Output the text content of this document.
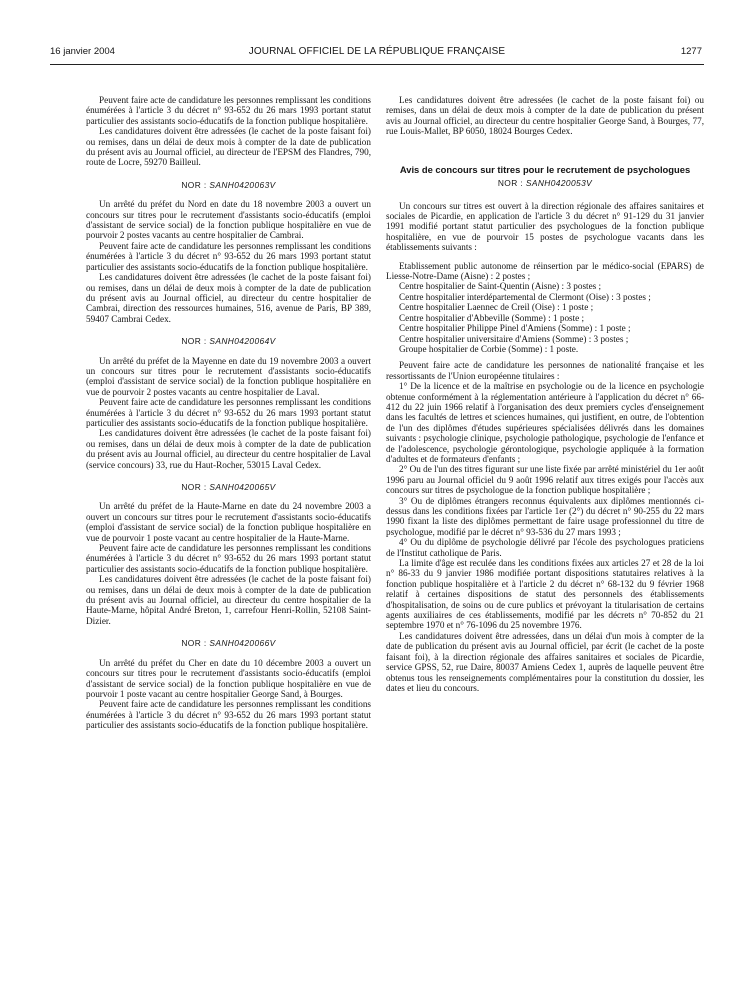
16 janvier 2004	JOURNAL OFFICIEL DE LA RÉPUBLIQUE FRANÇAISE	1277

Peuvent faire acte de candidature les personnes remplissant les conditions énumérées à l'article 3 du décret n° 93-652 du 26 mars 1993 portant statut particulier des assistants socio-éducatifs de la fonction publique hospitalière.

Les candidatures doivent être adressées (le cachet de la poste faisant foi) ou remises, dans un délai de deux mois à compter de la date de publication du présent avis au Journal officiel, au directeur de l'EPSM des Flandres, 790, route de Locre, 59270 Bailleul.

NOR : SANH0420063V

Un arrêté du préfet du Nord en date du 18 novembre 2003 a ouvert un concours sur titres pour le recrutement d'assistants socio-éducatifs (emploi d'assistant de service social) de la fonction publique hospitalière en vue de pourvoir 2 postes vacants au centre hospitalier de Cambrai.

Peuvent faire acte de candidature les personnes remplissant les conditions énumérées à l'article 3 du décret n° 93-652 du 26 mars 1993 portant statut particulier des assistants socio-éducatifs de la fonction publique hospitalière.

Les candidatures doivent être adressées (le cachet de la poste faisant foi) ou remises, dans un délai de deux mois à compter de la date de publication du présent avis au Journal officiel, au directeur du centre hospitalier de Cambrai, direction des ressources humaines, 516, avenue de Paris, BP 389, 59407 Cambrai Cedex.

NOR : SANH0420064V

Un arrêté du préfet de la Mayenne en date du 19 novembre 2003 a ouvert un concours sur titres pour le recrutement d'assistants socio-éducatifs (emploi d'assistant de service social) de la fonction publique hospitalière en vue de pourvoir 2 postes vacants au centre hospitalier de Laval.

Peuvent faire acte de candidature les personnes remplissant les conditions énumérées à l'article 3 du décret n° 93-652 du 26 mars 1993 portant statut particulier des assistants socio-éducatifs de la fonction publique hospitalière.

Les candidatures doivent être adressées (le cachet de la poste faisant foi) ou remises, dans un délai de deux mois à compter de la date de publication du présent avis au Journal officiel, au directeur du centre hospitalier de Laval (service concours) 33, rue du Haut-Rocher, 53015 Laval Cedex.

NOR : SANH0420065V

Un arrêté du préfet de la Haute-Marne en date du 24 novembre 2003 a ouvert un concours sur titres pour le recrutement d'assistants socio-éducatifs (emploi d'assistant de service social) de la fonction publique hospitalière en vue de pourvoir 1 poste vacant au centre hospitalier de la Haute-Marne.

Peuvent faire acte de candidature les personnes remplissant les conditions énumérées à l'article 3 du décret n° 93-652 du 26 mars 1993 portant statut particulier des assistants socio-éducatifs de la fonction publique hospitalière.

Les candidatures doivent être adressées (le cachet de la poste faisant foi) ou remises, dans un délai de deux mois à compter de la date de publication du présent avis au Journal officiel, au directeur du centre hospitalier de la Haute-Marne, hôpital André Breton, 1, carrefour Henri-Rollin, 52108 Saint-Dizier.

NOR : SANH0420066V

Un arrêté du préfet du Cher en date du 10 décembre 2003 a ouvert un concours sur titres pour le recrutement d'assistants socio-éducatifs (emploi d'assistant de service social) de la fonction publique hospitalière en vue de pourvoir 1 poste vacant au centre hospitalier George Sand, à Bourges.

Peuvent faire acte de candidature les personnes remplissant les conditions énumérées à l'article 3 du décret n° 93-652 du 26 mars 1993 portant statut particulier des assistants socio-éducatifs de la fonction publique hospitalière.

Les candidatures doivent être adressées (le cachet de la poste faisant foi) ou remises, dans un délai de deux mois à compter de la date de publication du présent avis au Journal officiel, au directeur du centre hospitalier George Sand, à Bourges, 77, rue Louis-Mallet, BP 6050, 18024 Bourges Cedex.

Avis de concours sur titres pour le recrutement de psychologues
NOR : SANH0420053V

Un concours sur titres est ouvert à la direction régionale des affaires sanitaires et sociales de Picardie, en application de l'article 3 du décret n° 91-129 du 31 janvier 1991 modifié portant statut particulier des psychologues de la fonction publique hospitalière, en vue de pourvoir 15 postes de psychologue vacants dans les établissements suivants :

Etablissement public autonome de réinsertion par le médico-social (EPARS) de Liesse-Notre-Dame (Aisne) : 2 postes ;

Centre hospitalier de Saint-Quentin (Aisne) : 3 postes ;

Centre hospitalier interdépartemental de Clermont (Oise) : 3 postes ;

Centre hospitalier Laennec de Creil (Oise) : 1 poste ;

Centre hospitalier d'Abbeville (Somme) : 1 poste ;

Centre hospitalier Philippe Pinel d'Amiens (Somme) : 1 poste ;

Centre hospitalier universitaire d'Amiens (Somme) : 3 postes ;

Groupe hospitalier de Corbie (Somme) : 1 poste.

Peuvent faire acte de candidature les personnes de nationalité française et les ressortissants de l'Union européenne titulaires :

1° De la licence et de la maîtrise en psychologie ou de la licence en psychologie obtenue conformément à la réglementation antérieure à l'application du décret n° 66-412 du 22 juin 1966 relatif à l'organisation des deux premiers cycles d'enseignement dans les facultés de lettres et sciences humaines, qui justifient, en outre, de l'obtention de l'un des diplômes d'études supérieures spécialisées délivrés dans les domaines suivants : psychologie clinique, psychologie pathologique, psychologie de l'enfance et de l'adolescence, psychologie gérontologique, psychologie appliquée à la formation d'adultes et de formateurs d'enfants ;

2° Ou de l'un des titres figurant sur une liste fixée par arrêté ministériel du 1er août 1996 paru au Journal officiel du 9 août 1996 relatif aux titres exigés pour l'accès aux concours sur titres de psychologue de la fonction publique hospitalière ;

3° Ou de diplômes étrangers reconnus équivalents aux diplômes mentionnés ci-dessus dans les conditions fixées par l'article 1er (2°) du décret n° 90-255 du 22 mars 1990 fixant la liste des diplômes permettant de faire usage professionnel du titre de psychologue, modifié par le décret n° 93-536 du 27 mars 1993 ;

4° Ou du diplôme de psychologie délivré par l'école des psychologues praticiens de l'Institut catholique de Paris.

La limite d'âge est reculée dans les conditions fixées aux articles 27 et 28 de la loi n° 86-33 du 9 janvier 1986 modifiée portant dispositions statutaires relatives à la fonction publique hospitalière et à l'article 2 du décret n° 68-132 du 9 février 1968 relatif à certaines dispositions de statut des personnels des établissements d'hospitalisation, de soins ou de cure publics et prévoyant la titularisation de certains agents auxiliaires de ces établissements, modifié par les décrets n° 70-852 du 21 septembre 1970 et n° 76-1096 du 25 novembre 1976.

Les candidatures doivent être adressées, dans un délai d'un mois à compter de la date de publication du présent avis au Journal officiel, par écrit (le cachet de la poste faisant foi), à la direction régionale des affaires sanitaires et sociales de Picardie, service GPSS, 52, rue Daire, 80037 Amiens Cedex 1, auprès de laquelle peuvent être obtenus tous les renseignements complémentaires pour la constitution du dossier, les dates et lieu du concours.
